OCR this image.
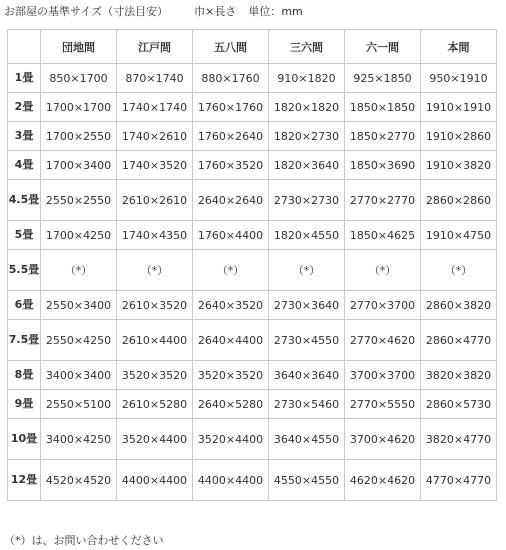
お部屋の基準サイズ（寸法目安） 巾×長さ 単位：mm
	団地間	江戸間	五八間	三六間	六一間	本間
1畳	850×1700	870×1740	880×1760	910×1820	925×1850	950×1910
2畳	1700×1700	1740×1740	1760×1760	1820×1820	1850×1850	1910×1910
3畳	1700×2550	1740×2610	1760×2640	1820×2730	1850×2770	1910×2860
4畳	1700×3400	1740×3520	1760×3520	1820×3640	1850×3690	1910×3820
4.5畳	2550×2550	2610×2610	2640×2640	2730×2730	2770×2770	2860×2860
5畳	1700×4250	1740×4350	1760×4400	1820×4550	1850×4625	1910×4750
5.5畳	（*）	（*）	（*）	（*）	（*）	（*）
6畳	2550×3400	2610×3520	2640×3520	2730×3640	2770×3700	2860×3820
7.5畳	2550×4250	2610×4400	2640×4400	2730×4550	2770×4620	2860×4770
8畳	3400×3400	3520×3520	3520×3520	3640×3640	3700×3700	3820×3820
9畳	2550×5100	2610×5280	2640×5280	2730×5460	2770×5550	2860×5730
10畳	3400×4250	3520×4400	3520×4400	3640×4550	3700×4620	3820×4770
12畳	4520×4520	4400×4400	4400×4400	4550×4550	4620×4620	4770×4770
（*）は、お問い合わせください
